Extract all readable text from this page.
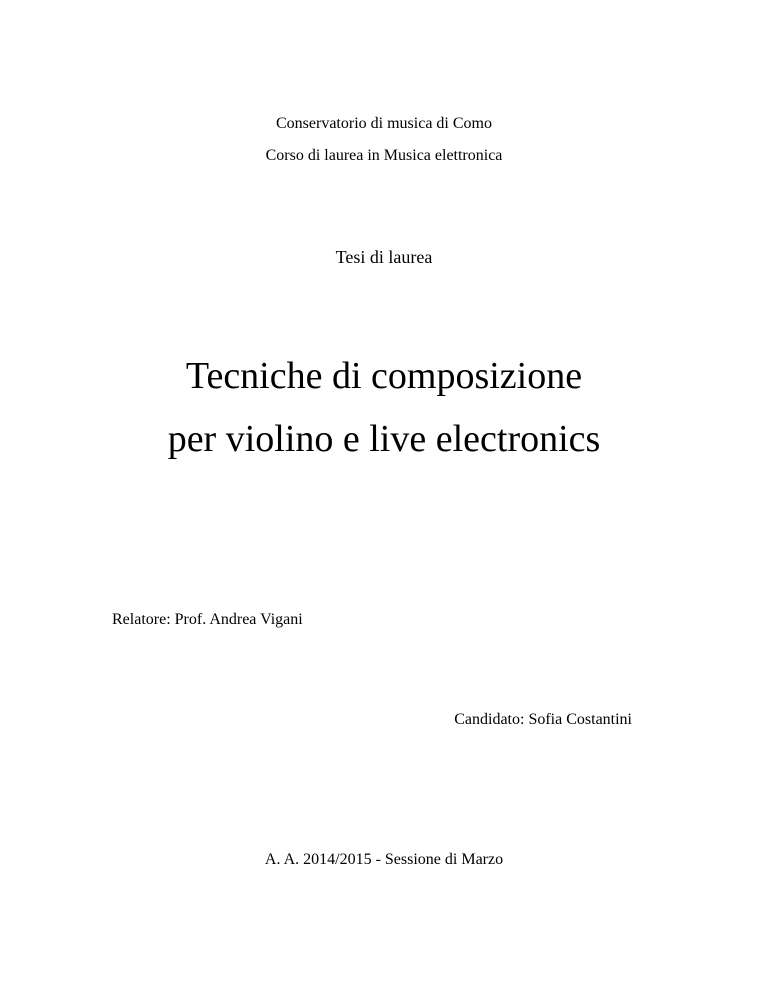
Conservatorio di musica di Como
Corso di laurea in Musica elettronica
Tesi di laurea
Tecniche di composizione
per violino e live electronics
Relatore: Prof. Andrea Vigani
Candidato: Sofia Costantini
A. A. 2014/2015 - Sessione di Marzo
